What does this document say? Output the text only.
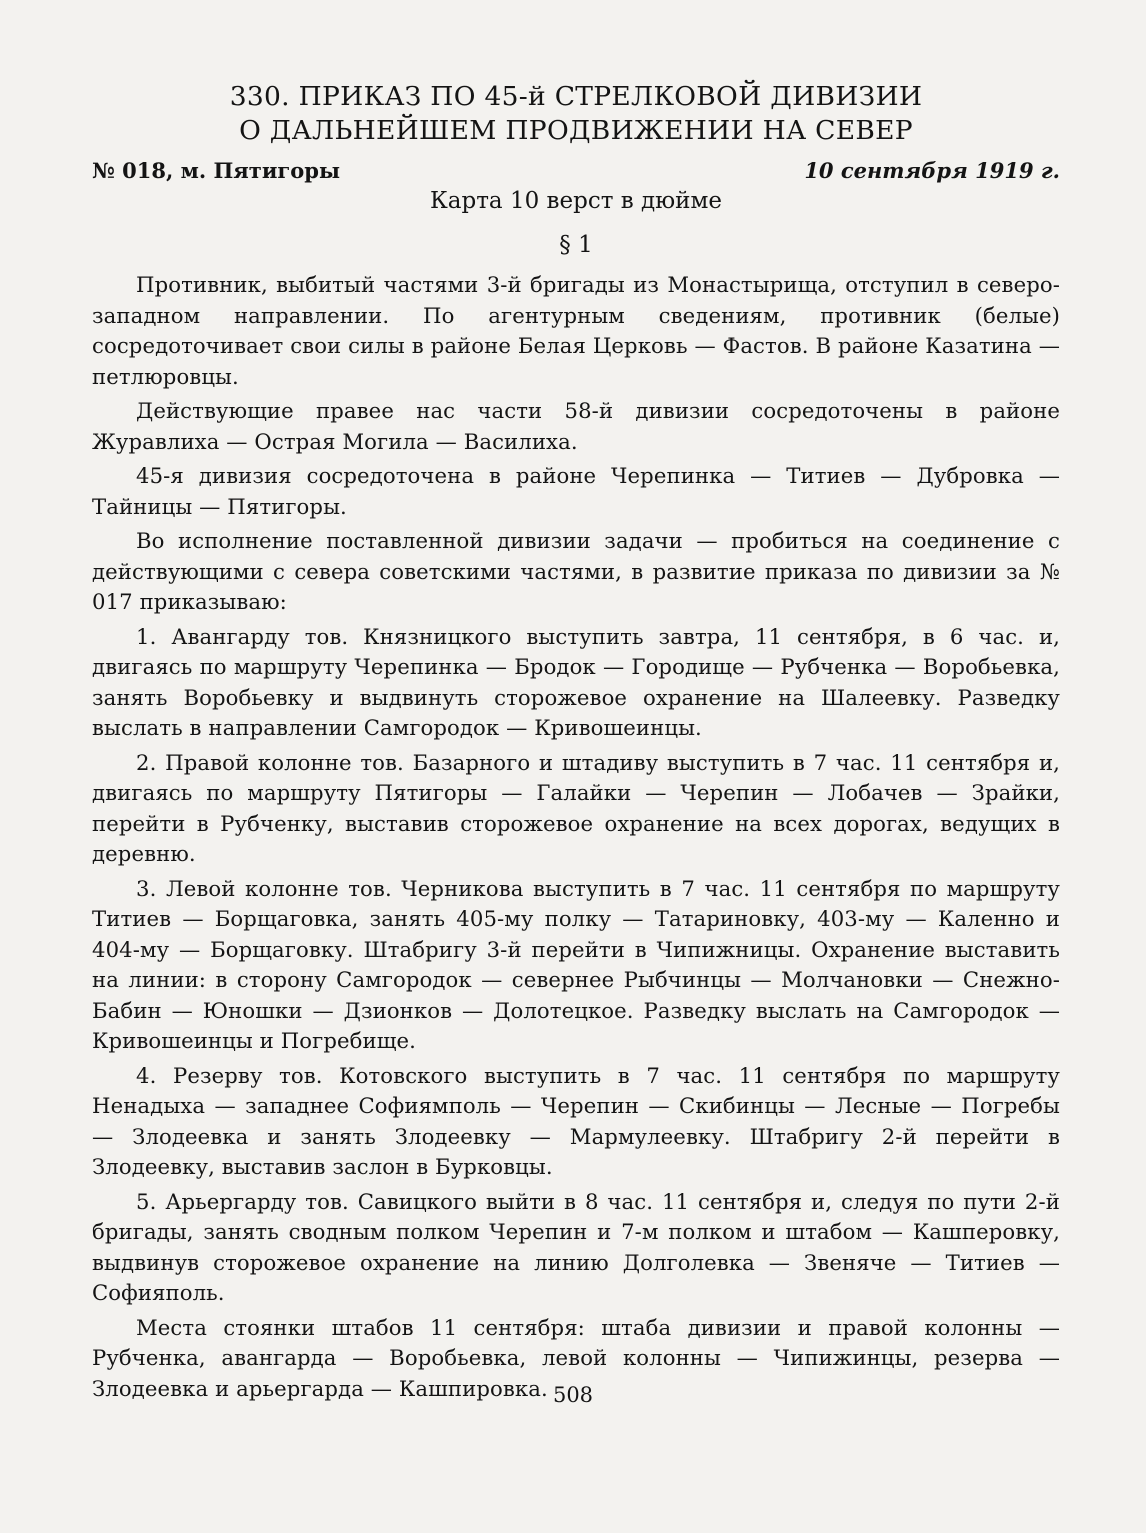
330. ПРИКАЗ ПО 45-й СТРЕЛКОВОЙ ДИВИЗИИ
О ДАЛЬНЕЙШЕМ ПРОДВИЖЕНИИ НА СЕВЕР
№ 018, м. Пятигоры	10 сентября 1919 г.
Карта 10 верст в дюйме
§ 1

Противник, выбитый частями 3-й бригады из Монастырища, отступил в северо-западном направлении. По агентурным сведениям, противник (белые) сосредоточивает свои силы в районе Белая Церковь — Фастов. В районе Казатина — петлюровцы.

Действующие правее нас части 58-й дивизии сосредоточены в районе Журавлиха — Острая Могила — Василиха.

45-я дивизия сосредоточена в районе Черепинка — Титиев — Дубровка — Тайницы — Пятигоры.

Во исполнение поставленной дивизии задачи — пробиться на соединение с действующими с севера советскими частями, в развитие приказа по дивизии за № 017 приказываю:

1. Авангарду тов. Князницкого выступить завтра, 11 сентября, в 6 час. и, двигаясь по маршруту Черепинка — Бродок — Городище — Рубченка — Воробьевка, занять Воробьевку и выдвинуть сторожевое охранение на Шалеевку. Разведку выслать в направлении Самгородок — Кривошеинцы.

2. Правой колонне тов. Базарного и штадиву выступить в 7 час. 11 сентября и, двигаясь по маршруту Пятигоры — Галайки — Черепин — Лобачев — Зрайки, перейти в Рубченку, выставив сторожевое охранение на всех дорогах, ведущих в деревню.

3. Левой колонне тов. Черникова выступить в 7 час. 11 сентября по маршруту Титиев — Борщаговка, занять 405-му полку — Татариновку, 403-му — Каленно и 404-му — Борщаговку. Штабригу 3-й перейти в Чипижницы. Охранение выставить на линии: в сторону Самгородок — севернее Рыбчинцы — Молчановки — Снежно-Бабин — Юношки — Дзионков — Долотецкое. Разведку выслать на Самгородок — Кривошеинцы и Погребище.

4. Резерву тов. Котовского выступить в 7 час. 11 сентября по маршруту Ненадыха — западнее Софиямполь — Черепин — Скибинцы — Лесные — Погребы — Злодеевка и занять Злодеевку — Мармулеевку. Штабригу 2-й перейти в Злодеевку, выставив заслон в Бурковцы.

5. Арьергарду тов. Савицкого выйти в 8 час. 11 сентября и, следуя по пути 2-й бригады, занять сводным полком Черепин и 7-м полком и штабом — Кашперовку, выдвинув сторожевое охранение на линию Долголевка — Звеняче — Титиев — Софияполь.

Места стоянки штабов 11 сентября: штаба дивизии и правой колонны — Рубченка, авангарда — Воробьевка, левой колонны — Чипижинцы, резерва — Злодеевка и арьергарда — Кашпировка. 508
